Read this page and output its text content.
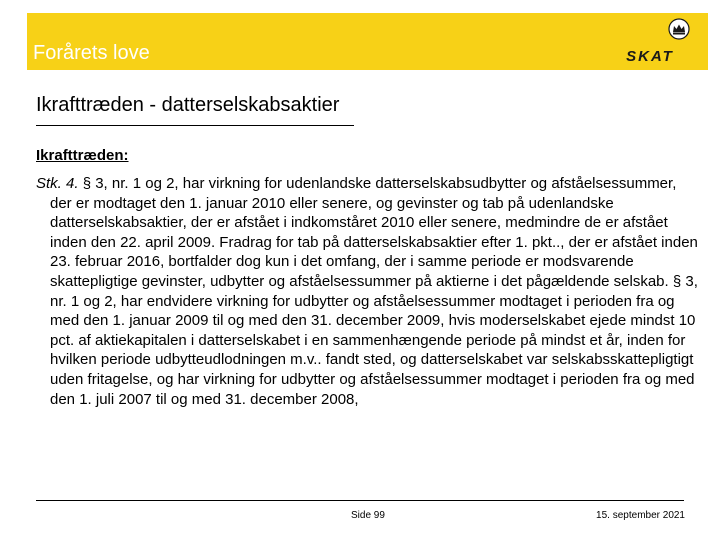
Forårets love	SKAT
Ikrafttræden - datterselskabsaktier
Ikrafttræden:

Stk. 4. § 3, nr. 1 og 2, har virkning for udenlandske datterselskabsudbytter og afståelsessummer, der er modtaget den 1. januar 2010 eller senere, og gevinster og tab på udenlandske datterselskabsaktier, der er afstået i indkomståret 2010 eller senere, medmindre de er afstået inden den 22. april 2009. Fradrag for tab på datterselskabsaktier efter 1. pkt.., der er afstået inden 23. februar 2016, bortfalder dog kun i det omfang, der i samme periode er modsvarende skattepligtige gevinster, udbytter og afståelsessummer på aktierne i det pågældende selskab. § 3, nr. 1 og 2, har endvidere virkning for udbytter og afståelsessummer modtaget i perioden fra og med den 1. januar 2009 til og med den 31. december 2009, hvis moderselskabet ejede mindst 10 pct. af aktiekapitalen i datterselskabet i en sammenhængende periode på mindst et år, inden for hvilken periode udbytteudlodningen m.v.. fandt sted, og datterselskabet var selskabsskattepligtigt uden fritagelse, og har virkning for udbytter og afståelsessummer modtaget i perioden fra og med den 1. juli 2007 til og med 31. december 2008,

Side 99	15. september 2021
